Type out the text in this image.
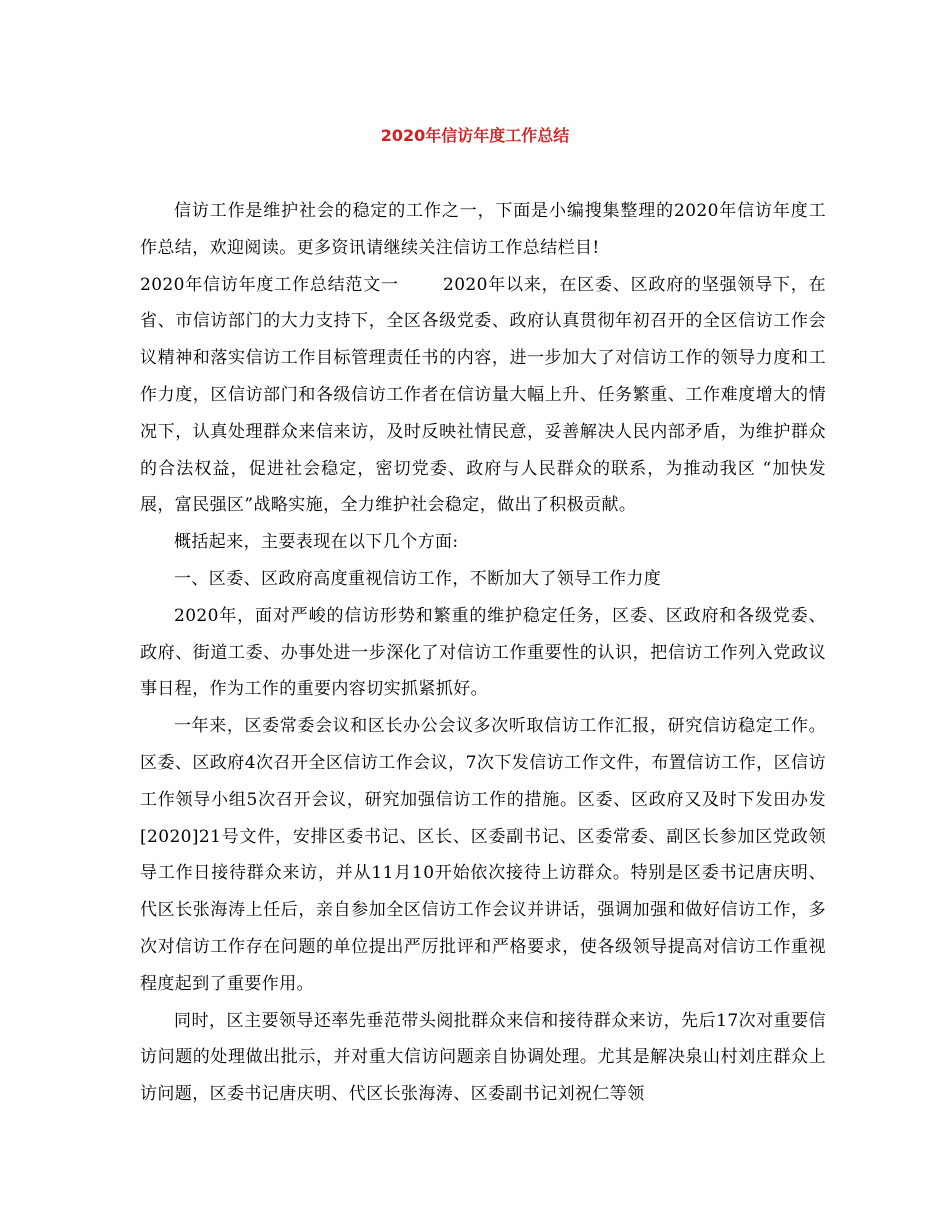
2020年信访年度工作总结

信访工作是维护社会的稳定的工作之一，下面是小编搜集整理的2020年信访年度工作总结，欢迎阅读。更多资讯请继续关注信访工作总结栏目!

2020年信访年度工作总结范文一	2020年以来，在区委、区政府的坚强领导下，在省、市信访部门的大力支持下，全区各级党委、政府认真贯彻年初召开的全区信访工作会议精神和落实信访工作目标管理责任书的内容，进一步加大了对信访工作的领导力度和工作力度，区信访部门和各级信访工作者在信访量大幅上升、任务繁重、工作难度增大的情况下，认真处理群众来信来访，及时反映社情民意，妥善解决人民内部矛盾，为维护群众的合法权益，促进社会稳定，密切党委、政府与人民群众的联系，为推动我区 “加快发展，富民强区”战略实施，全力维护社会稳定，做出了积极贡献。

概括起来，主要表现在以下几个方面:

一、区委、区政府高度重视信访工作，不断加大了领导工作力度

2020年，面对严峻的信访形势和繁重的维护稳定任务，区委、区政府和各级党委、政府、街道工委、办事处进一步深化了对信访工作重要性的认识，把信访工作列入党政议事日程，作为工作的重要内容切实抓紧抓好。

一年来，区委常委会议和区长办公会议多次听取信访工作汇报，研究信访稳定工作。区委、区政府4次召开全区信访工作会议，7次下发信访工作文件，布置信访工作，区信访工作领导小组5次召开会议，研究加强信访工作的措施。区委、区政府又及时下发田办发[2020]21号文件，安排区委书记、区长、区委副书记、区委常委、副区长参加区党政领导工作日接待群众来访，并从11月10开始依次接待上访群众。特别是区委书记唐庆明、代区长张海涛上任后，亲自参加全区信访工作会议并讲话，强调加强和做好信访工作，多次对信访工作存在问题的单位提出严厉批评和严格要求，使各级领导提高对信访工作重视程度起到了重要作用。

同时，区主要领导还率先垂范带头阅批群众来信和接待群众来访，先后17次对重要信访问题的处理做出批示，并对重大信访问题亲自协调处理。尤其是解决泉山村刘庄群众上访问题，区委书记唐庆明、代区长张海涛、区委副书记刘祝仁等领
